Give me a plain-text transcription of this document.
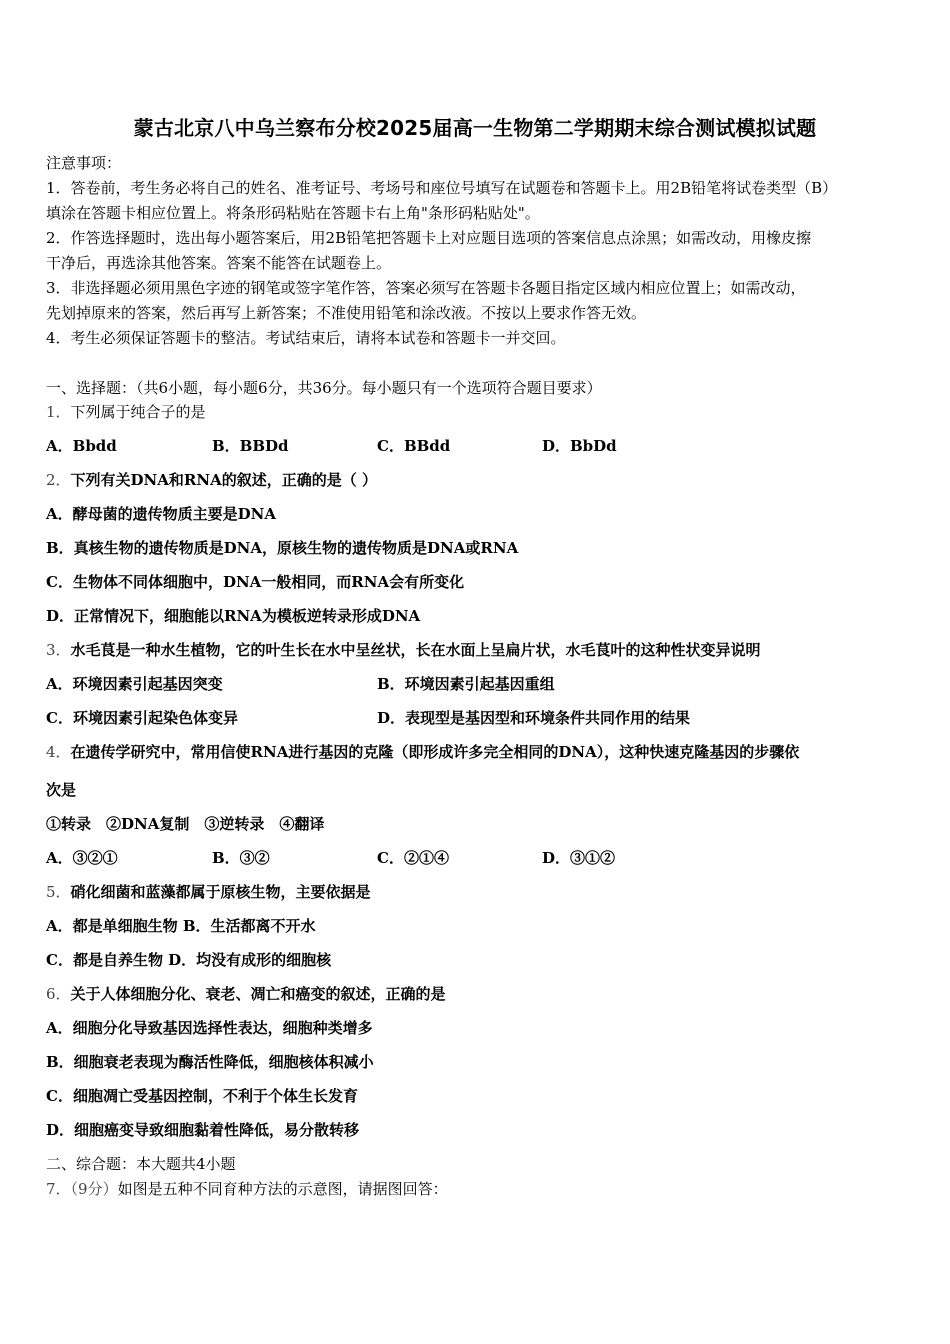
蒙古北京八中乌兰察布分校2025届高一生物第二学期期末综合测试模拟试题
注意事项：
1．答卷前，考生务必将自己的姓名、准考证号、考场号和座位号填写在试题卷和答题卡上。用2B铅笔将试卷类型（B）
填涂在答题卡相应位置上。将条形码粘贴在答题卡右上角"条形码粘贴处"。
2．作答选择题时，选出每小题答案后，用2B铅笔把答题卡上对应题目选项的答案信息点涂黑；如需改动，用橡皮擦
干净后，再选涂其他答案。答案不能答在试题卷上。
3．非选择题必须用黑色字迹的钢笔或签字笔作答，答案必须写在答题卡各题目指定区域内相应位置上；如需改动，
先划掉原来的答案，然后再写上新答案；不准使用铅笔和涂改液。不按以上要求作答无效。
4．考生必须保证答题卡的整洁。考试结束后，请将本试卷和答题卡一并交回。
一、选择题：（共6小题，每小题6分，共36分。每小题只有一个选项符合题目要求）
1．下列属于纯合子的是
A．Bbdd	B．BBDd	C．BBdd	D．BbDd
2．下列有关DNA和RNA的叙述，正确的是（ ）
A．酵母菌的遗传物质主要是DNA
B．真核生物的遗传物质是DNA，原核生物的遗传物质是DNA或RNA
C．生物体不同体细胞中，DNA一般相同，而RNA会有所变化
D．正常情况下，细胞能以RNA为模板逆转录形成DNA
3．水毛茛是一种水生植物，它的叶生长在水中呈丝状，长在水面上呈扁片状，水毛茛叶的这种性状变异说明
A．环境因素引起基因突变	B．环境因素引起基因重组
C．环境因素引起染色体变异	D．表现型是基因型和环境条件共同作用的结果
4．在遗传学研究中，常用信使RNA进行基因的克隆（即形成许多完全相同的DNA），这种快速克隆基因的步骤依
次是
①转录　②DNA复制　③逆转录　④翻译
A．③②①	B．③②	C．②①④	D．③①②
5．硝化细菌和蓝藻都属于原核生物，主要依据是
A．都是单细胞生物 B．生活都离不开水
C．都是自养生物 D．均没有成形的细胞核
6．关于人体细胞分化、衰老、凋亡和癌变的叙述，正确的是
A．细胞分化导致基因选择性表达，细胞种类增多
B．细胞衰老表现为酶活性降低，细胞核体积减小
C．细胞凋亡受基因控制，不利于个体生长发育
D．细胞癌变导致细胞黏着性降低，易分散转移
二、综合题：本大题共4小题
7．（9分）如图是五种不同育种方法的示意图，请据图回答：
